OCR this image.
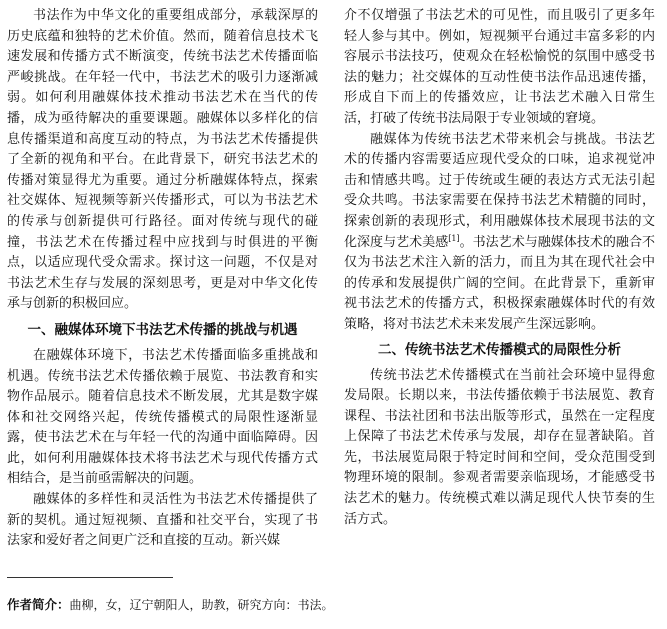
书法作为中华文化的重要组成部分，承载深厚的历史底蕴和独特的艺术价值。然而，随着信息技术飞速发展和传播方式不断演变，传统书法艺术传播面临严峻挑战。在年轻一代中，书法艺术的吸引力逐渐减弱。如何利用融媒体技术推动书法艺术在当代的传播，成为亟待解决的重要课题。融媒体以多样化的信息传播渠道和高度互动的特点，为书法艺术传播提供了全新的视角和平台。在此背景下，研究书法艺术的传播对策显得尤为重要。通过分析融媒体特点，探索社交媒体、短视频等新兴传播形式，可以为书法艺术的传承与创新提供可行路径。面对传统与现代的碰撞，书法艺术在传播过程中应找到与时俱进的平衡点，以适应现代受众需求。探讨这一问题，不仅是对书法艺术生存与发展的深刻思考，更是对中华文化传承与创新的积极回应。

一、融媒体环境下书法艺术传播的挑战与机遇

在融媒体环境下，书法艺术传播面临多重挑战和机遇。传统书法艺术传播依赖于展览、书法教育和实物作品展示。随着信息技术不断发展，尤其是数字媒体和社交网络兴起，传统传播模式的局限性逐渐显露，使书法艺术在与年轻一代的沟通中面临障碍。因此，如何利用融媒体技术将书法艺术与现代传播方式相结合，是当前亟需解决的问题。

融媒体的多样性和灵活性为书法艺术传播提供了新的契机。通过短视频、直播和社交平台，实现了书法家和爱好者之间更广泛和直接的互动。新兴媒

介不仅增强了书法艺术的可见性，而且吸引了更多年轻人参与其中。例如，短视频平台通过丰富多彩的内容展示书法技巧，使观众在轻松愉悦的氛围中感受书法的魅力；社交媒体的互动性使书法作品迅速传播，形成自下而上的传播效应，让书法艺术融入日常生活，打破了传统书法局限于专业领域的窘境。

融媒体为传统书法艺术带来机会与挑战。书法艺术的传播内容需要适应现代受众的口味，追求视觉冲击和情感共鸣。过于传统或生硬的表达方式无法引起受众共鸣。书法家需要在保持书法艺术精髓的同时，探索创新的表现形式，利用融媒体技术展现书法的文化深度与艺术美感[1]。书法艺术与融媒体技术的融合不仅为书法艺术注入新的活力，而且为其在现代社会中的传承和发展提供广阔的空间。在此背景下，重新审视书法艺术的传播方式，积极探索融媒体时代的有效策略，将对书法艺术未来发展产生深远影响。

二、传统书法艺术传播模式的局限性分析

传统书法艺术传播模式在当前社会环境中显得愈发局限。长期以来，书法传播依赖于书法展览、教育课程、书法社团和书法出版等形式，虽然在一定程度上保障了书法艺术传承与发展，却存在显著缺陷。首先，书法展览局限于特定时间和空间，受众范围受到物理环境的限制。参观者需要亲临现场，才能感受书法艺术的魅力。传统模式难以满足现代人快节奏的生活方式。

作者简介：曲柳，女，辽宁朝阳人，助教，研究方向：书法。
